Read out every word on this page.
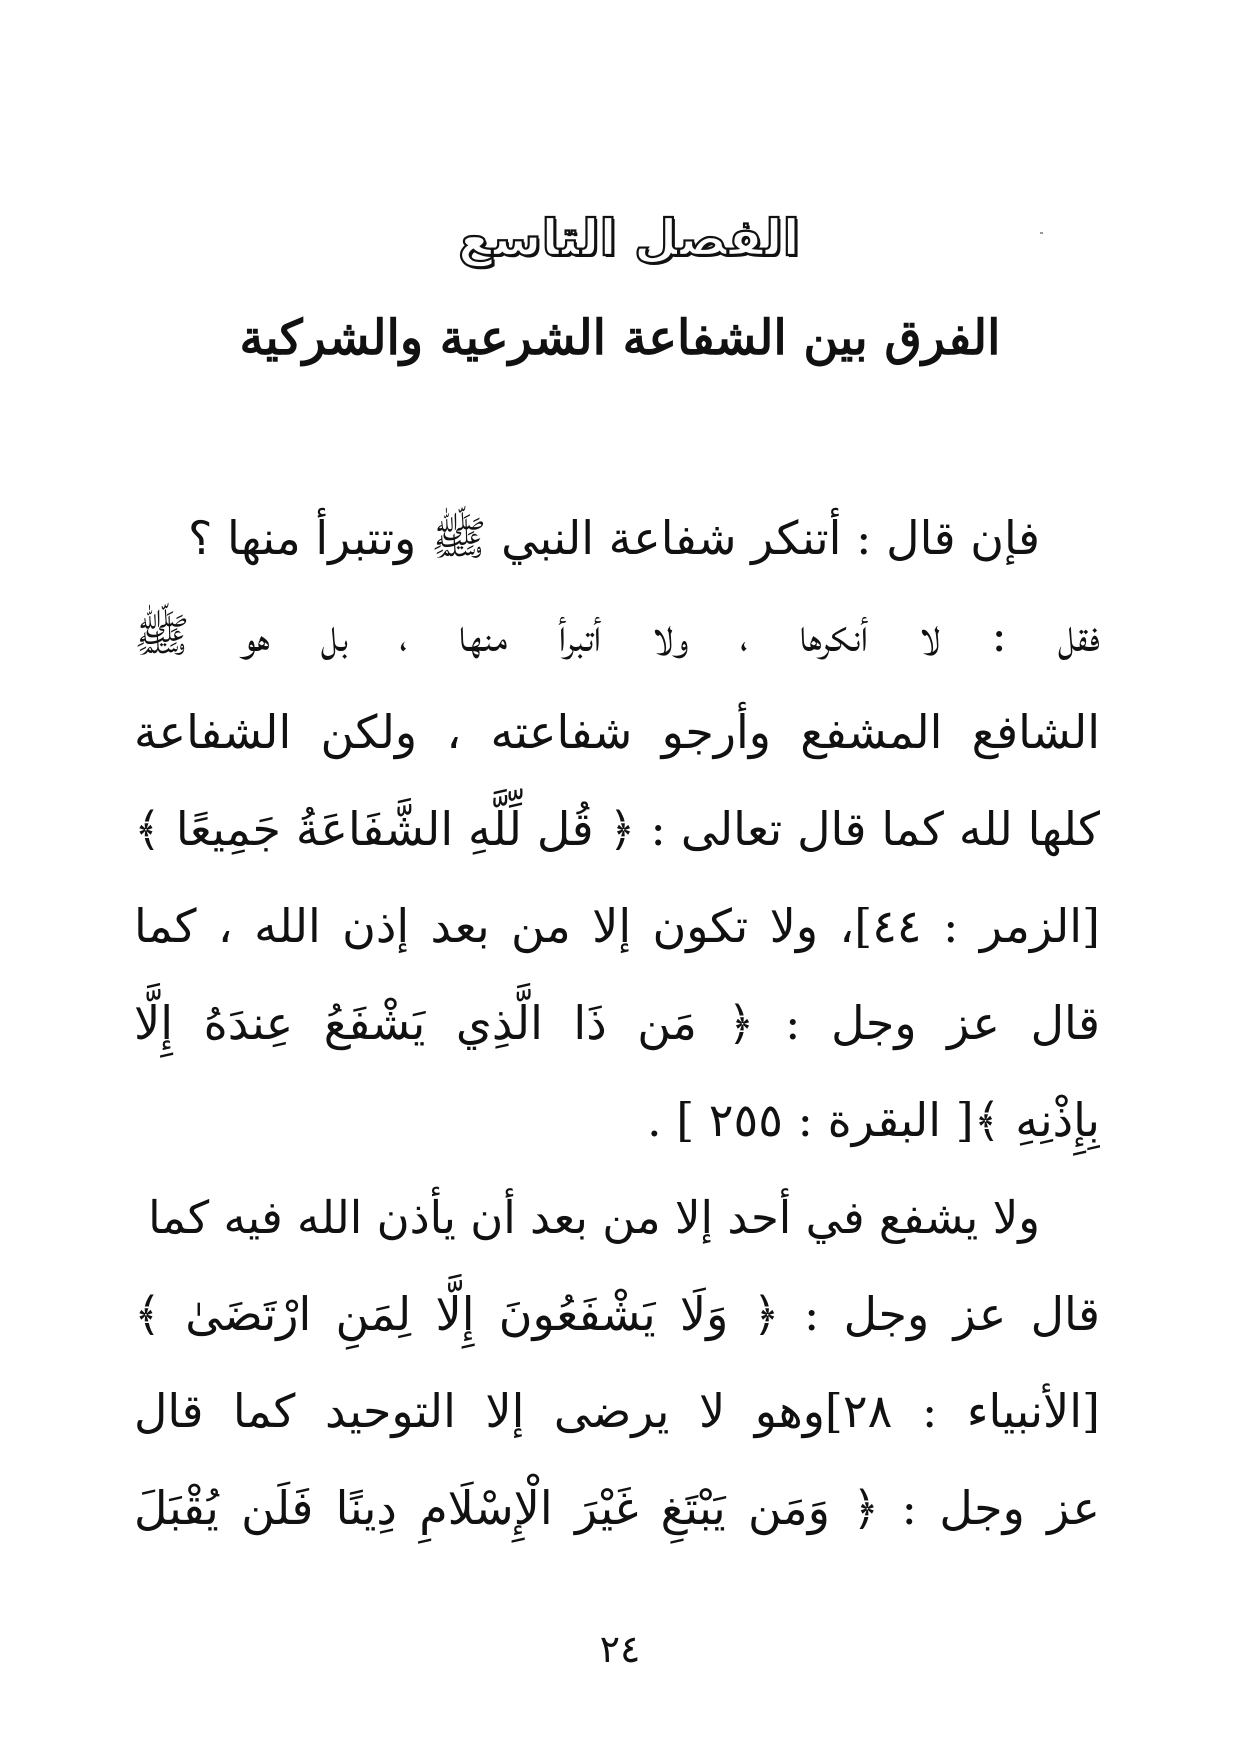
الفصل التاسع
الفرق بين الشفاعة الشرعية والشركية
فإن قال : أتنكر شفاعة النبي ﷺ وتتبرأ منها ؟
فقل : لا أنكرها ، ولا أتبرأ منها ، بل هو ﷺ
الشافع المشفع وأرجو شفاعته ، ولكن الشفاعة
كلها لله كما قال تعالى : ﴿ قُل لِّلَّهِ الشَّفَاعَةُ جَمِيعًا ﴾
[الزمر : ٤٤]، ولا تكون إلا من بعد إذن الله ، كما
قال عز وجل : ﴿ مَن ذَا الَّذِي يَشْفَعُ عِندَهُ إِلَّا
بِإِذْنِهِ ﴾[ البقرة : ٢٥٥ ] .
ولا يشفع في أحد إلا من بعد أن يأذن الله فيه كما
قال عز وجل : ﴿ وَلَا يَشْفَعُونَ إِلَّا لِمَنِ ارْتَضَىٰ ﴾
[الأنبياء : ٢٨]وهو لا يرضى إلا التوحيد كما قال
عز وجل : ﴿ وَمَن يَبْتَغِ غَيْرَ الْإِسْلَامِ دِينًا فَلَن يُقْبَلَ
٢٤
